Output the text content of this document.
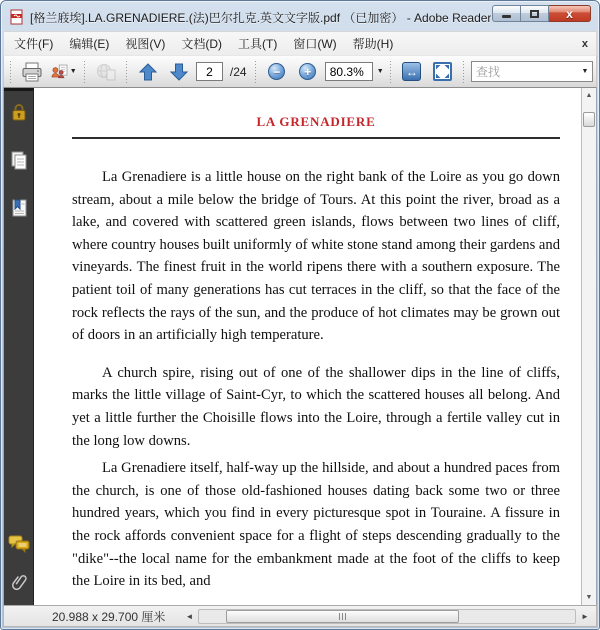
[格兰庪埃].LA.GRENADIERE.(法)巴尔扎克.英文文字版.pdf （已加密） - Adobe Reader	x
文件(F)	编辑(E)	视图(V)	文档(D)	工具(T)	窗口(W)	帮助(H)	x
▼
2	/24	−	+
80.3%	▼ ↔
查找	▼
LA GRENADIERE

La Grenadiere is a little house on the right bank of the Loire as you go down stream, about a mile below the bridge of Tours. At this point the river, broad as a lake, and covered with scattered green islands, flows between two lines of cliff, where country houses built uniformly of white stone stand among their gardens and vineyards. The finest fruit in the world ripens there with a southern exposure. The patient toil of many generations has cut terraces in the cliff, so that the face of the rock reflects the rays of the sun, and the produce of hot climates may be grown out of doors in an artificially high temperature.

A church spire, rising out of one of the shallower dips in the line of cliffs, marks the little village of Saint-Cyr, to which the scattered houses all belong. And yet a little further the Choisille flows into the Loire, through a fertile valley cut in the long low downs.

La Grenadiere itself, half-way up the hillside, and about a hundred paces from the church, is one of those old-fashioned houses dating back some two or three hundred years, which you find in every picturesque spot in Touraine. A fissure in the rock affords convenient space for a flight of steps descending gradually to the "dike"--the local name for the embankment made at the foot of the cliffs to keep the Loire in its bed, and

▲
▼
20.988 x 29.700 厘米	◄	►
